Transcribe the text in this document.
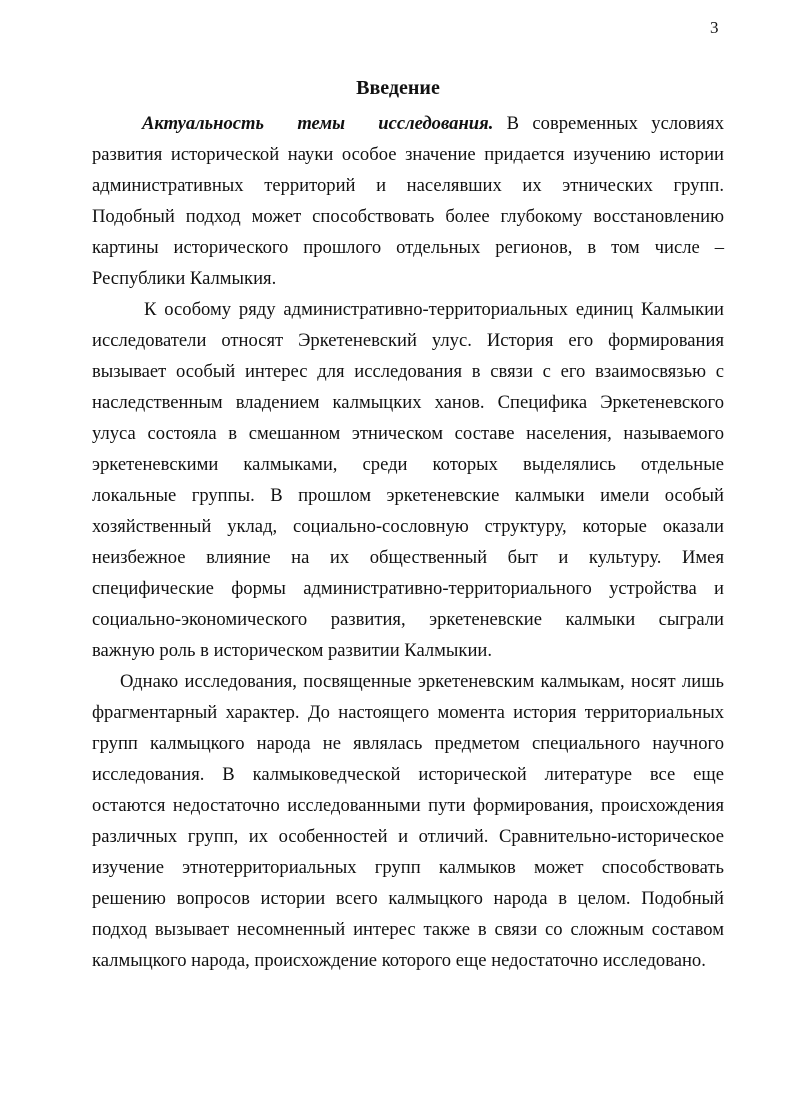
3
Введение
Актуальность темы исследования. В современных условиях
развития исторической науки особое значение придается изучению истории
административных территорий и населявших их этнических групп.
Подобный подход может способствовать более глубокому восстановлению
картины исторического прошлого отдельных регионов, в том числе –
Республики Калмыкия.
К особому ряду административно-территориальных единиц Калмыкии
исследователи относят Эркетеневский улус. История его формирования
вызывает особый интерес для исследования в связи с его взаимосвязью с
наследственным владением калмыцких ханов. Специфика Эркетеневского
улуса состояла в смешанном этническом составе населения, называемого
эркетеневскими калмыками, среди которых выделялись отдельные
локальные группы. В прошлом эркетеневские калмыки имели особый
хозяйственный уклад, социально-сословную структуру, которые оказали
неизбежное влияние на их общественный быт и культуру. Имея
специфические формы административно-территориального устройства и
социально-экономического развития, эркетеневские калмыки сыграли
важную роль в историческом развитии Калмыкии.
Однако исследования, посвященные эркетеневским калмыкам, носят лишь
фрагментарный характер. До настоящего момента история территориальных
групп калмыцкого народа не являлась предметом специального научного
исследования. В калмыковедческой исторической литературе все еще
остаются недостаточно исследованными пути формирования, происхождения
различных групп, их особенностей и отличий. Сравнительно-историческое
изучение этнотерриториальных групп калмыков может способствовать
решению вопросов истории всего калмыцкого народа в целом. Подобный
подход вызывает несомненный интерес также в связи со сложным составом
калмыцкого народа, происхождение которого еще недостаточно исследовано.
